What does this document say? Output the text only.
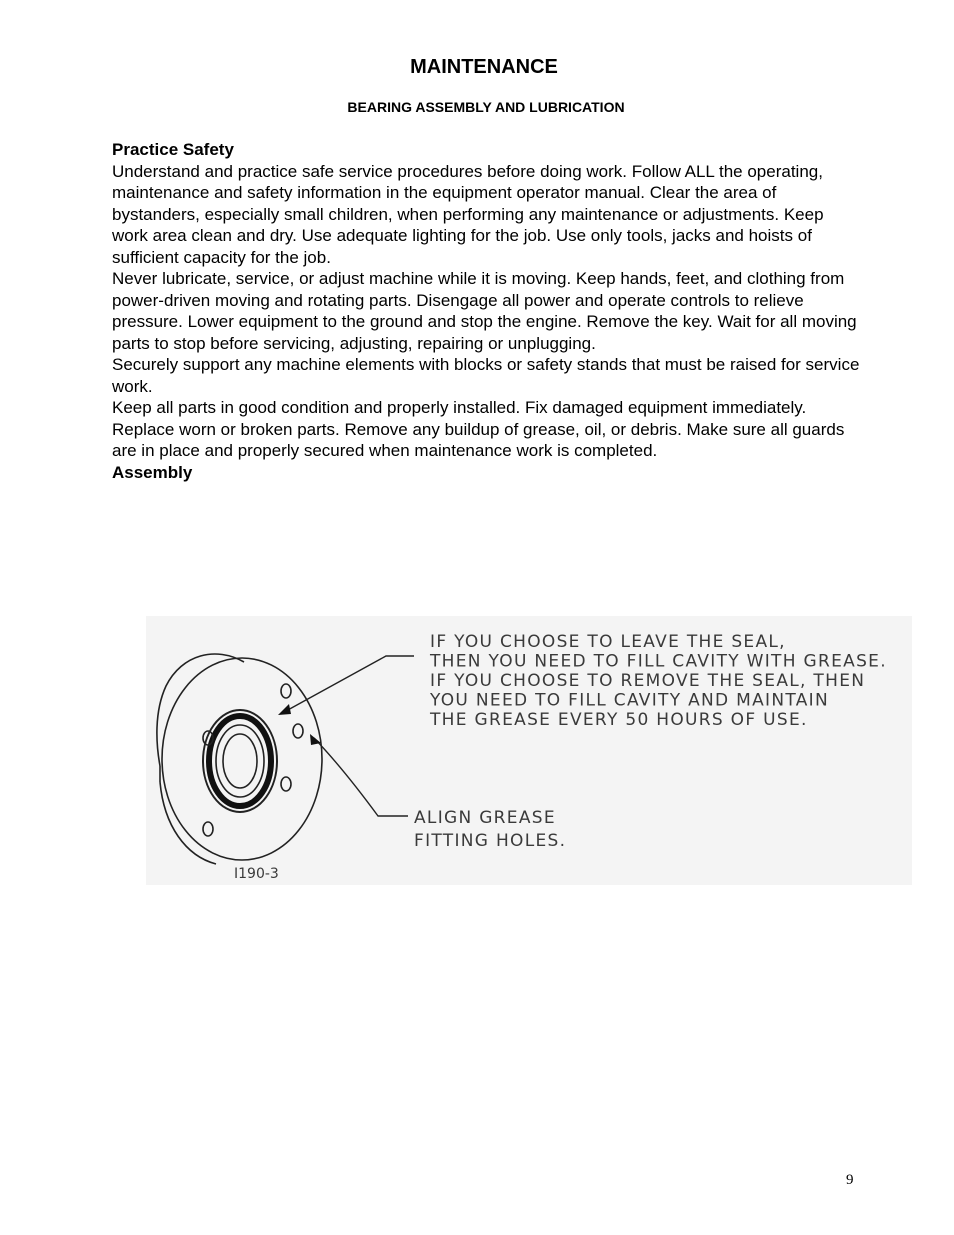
MAINTENANCE
BEARING ASSEMBLY AND LUBRICATION

Practice Safety

Understand and practice safe service procedures before doing work. Follow ALL the operating, maintenance and safety information in the equipment operator manual. Clear the area of bystanders, especially small children, when performing any maintenance or adjustments. Keep work area clean and dry. Use adequate lighting for the job. Use only tools, jacks and hoists of sufficient capacity for the job.

Never lubricate, service, or adjust machine while it is moving. Keep hands, feet, and clothing from power-driven moving and rotating parts. Disengage all power and operate controls to relieve pressure. Lower equipment to the ground and stop the engine. Remove the key. Wait for all moving parts to stop before servicing, adjusting, repairing or unplugging.

Securely support any machine elements with blocks or safety stands that must be raised for service work.

Keep all parts in good condition and properly installed. Fix damaged equipment immediately. Replace worn or broken parts. Remove any buildup of grease, oil, or debris. Make sure all guards are in place and properly secured when maintenance work is completed.

Assembly

IF YOU CHOOSE TO LEAVE THE SEAL,
THEN YOU NEED TO FILL CAVITY WITH GREASE.
IF YOU CHOOSE TO REMOVE THE SEAL, THEN
YOU NEED TO FILL CAVITY AND MAINTAIN
THE GREASE EVERY 50 HOURS OF USE.
ALIGN GREASE
FITTING HOLES.
I190-3
9
